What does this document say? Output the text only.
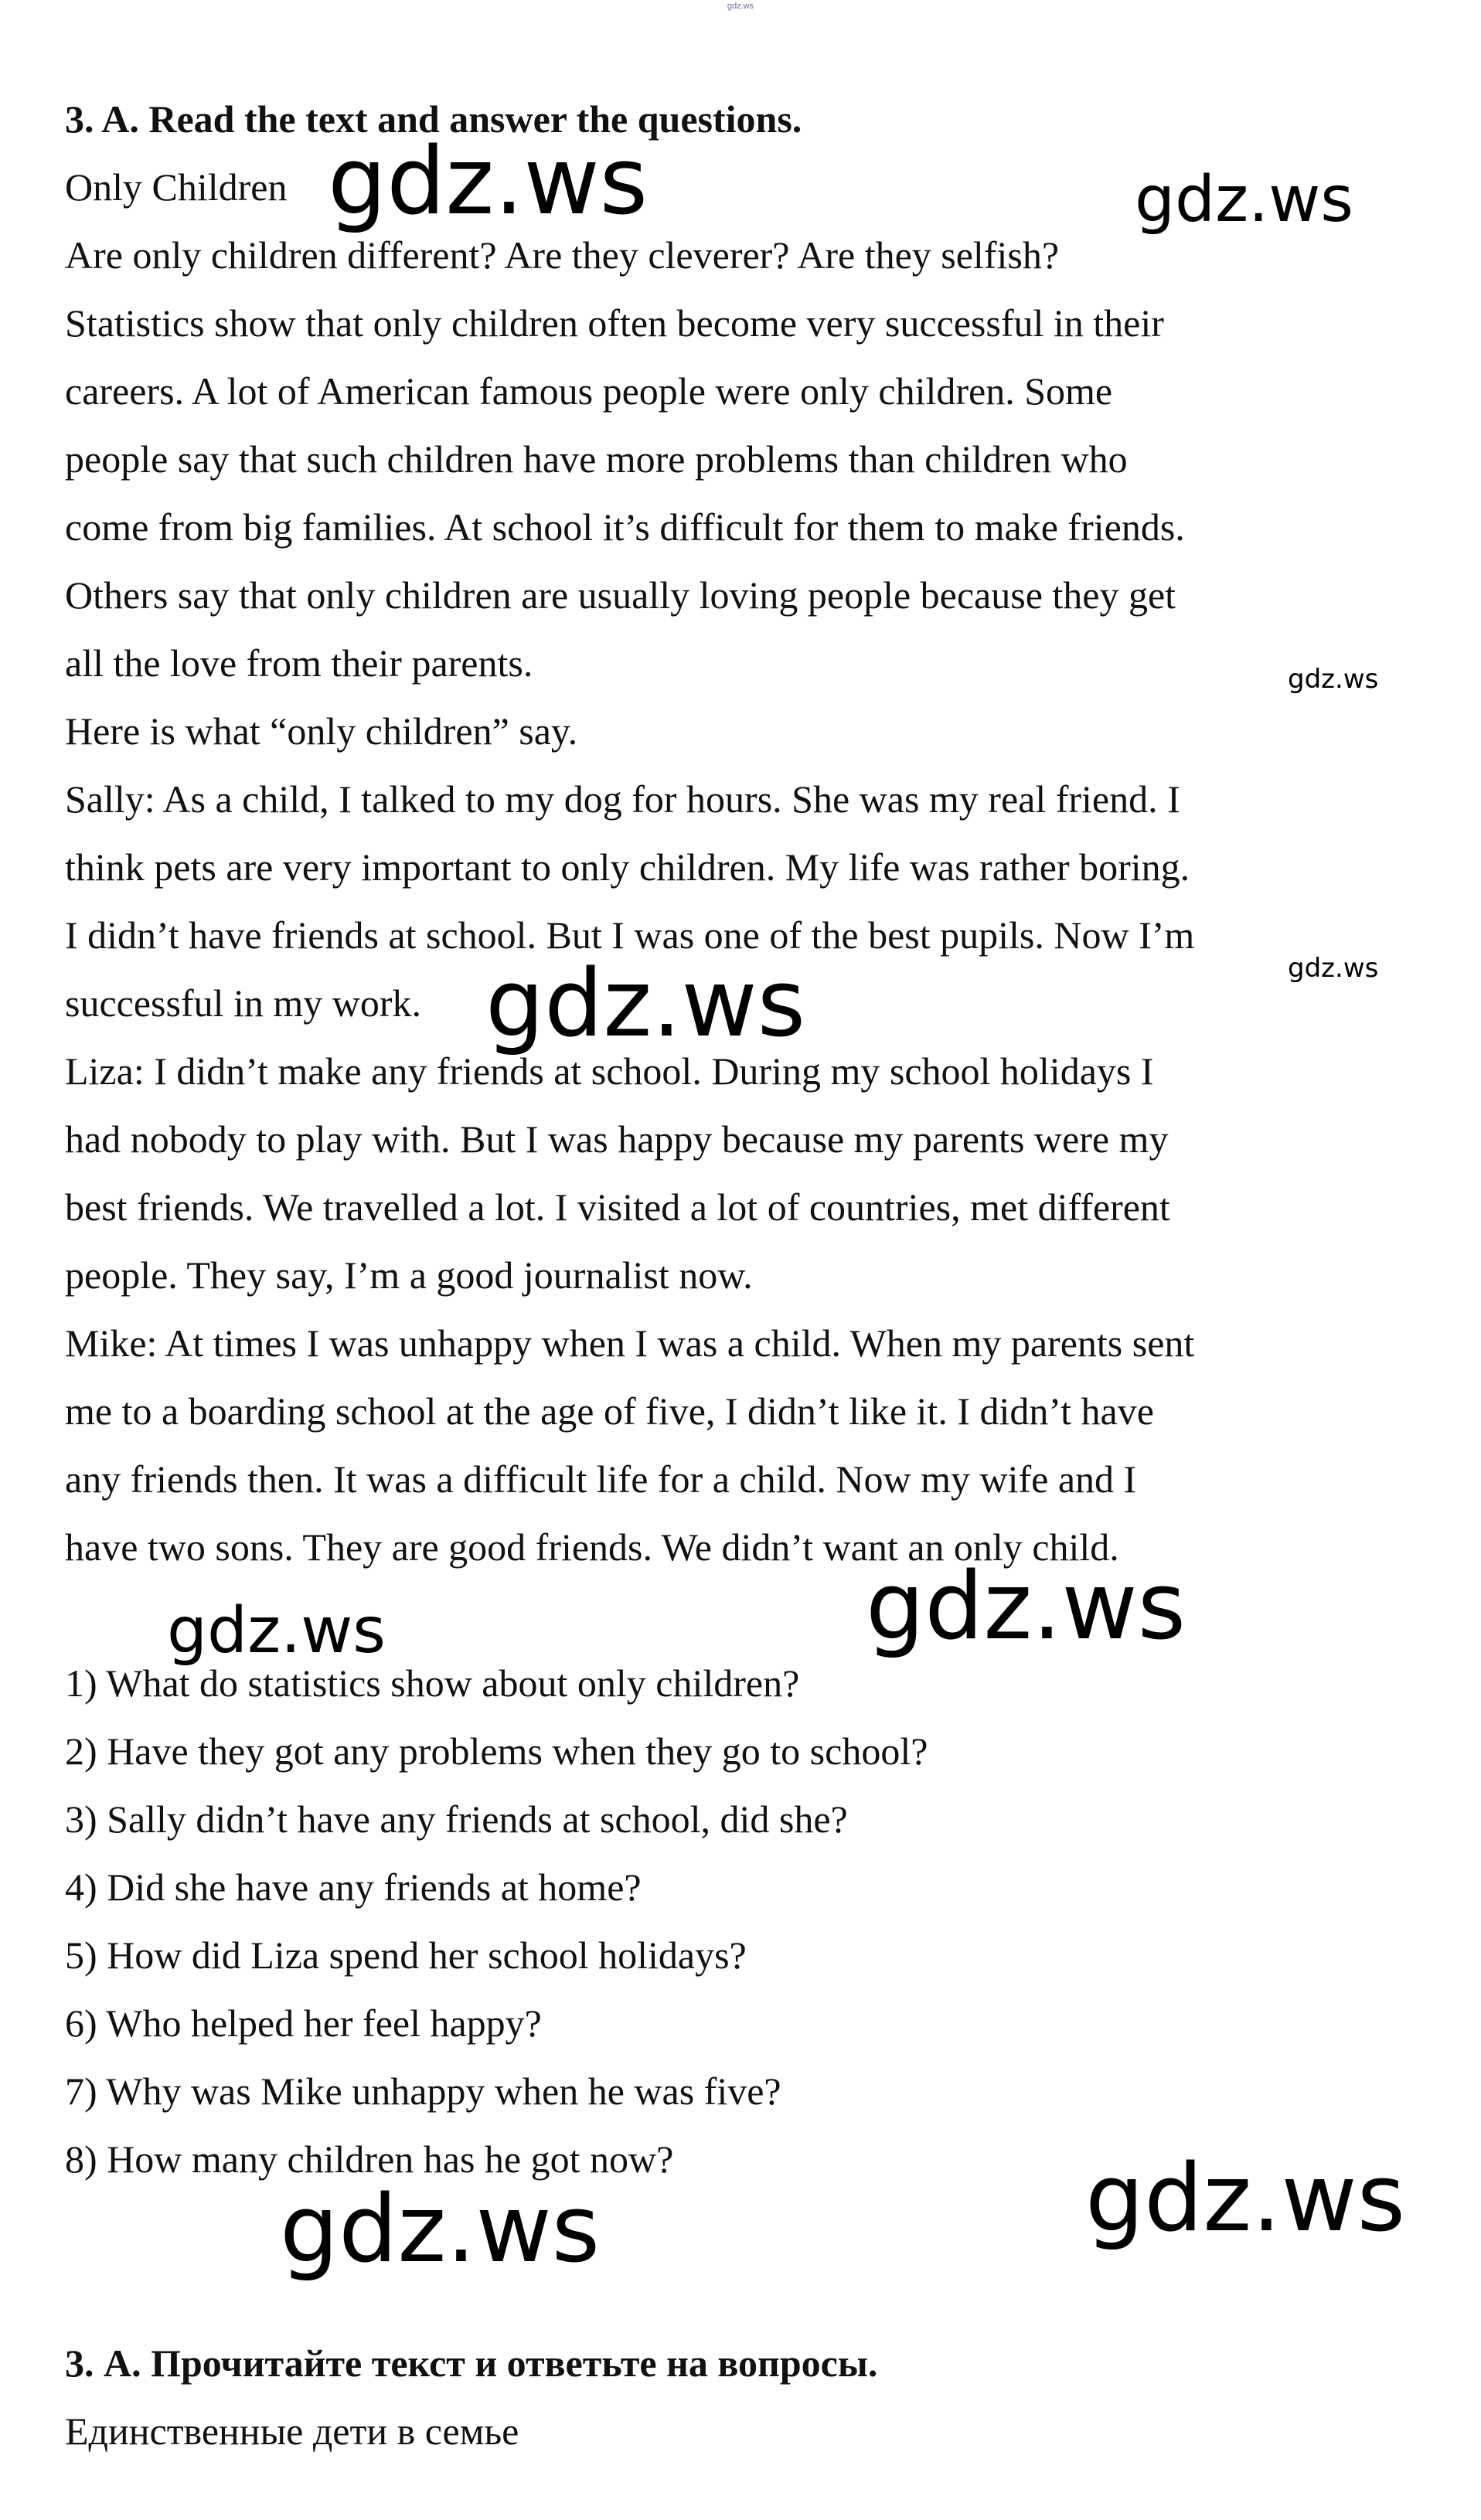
gdz.ws
3. A. Read the text and answer the questions.
Only Children
Are only children different? Are they cleverer? Are they selfish?
Statistics show that only children often become very successful in their
careers. A lot of American famous people were only children. Some
people say that such children have more problems than children who
come from big families. At school it’s difficult for them to make friends.
Others say that only children are usually loving people because they get
all the love from their parents.
Here is what “only children” say.
Sally: As a child, I talked to my dog for hours. She was my real friend. I
think pets are very important to only children. My life was rather boring.
I didn’t have friends at school. But I was one of the best pupils. Now I’m
successful in my work.
Liza: I didn’t make any friends at school. During my school holidays I
had nobody to play with. But I was happy because my parents were my
best friends. We travelled a lot. I visited a lot of countries, met different
people. They say, I’m a good journalist now.
Mike: At times I was unhappy when I was a child. When my parents sent
me to a boarding school at the age of five, I didn’t like it. I didn’t have
any friends then. It was a difficult life for a child. Now my wife and I
have two sons. They are good friends. We didn’t want an only child.
1) What do statistics show about only children?
2) Have they got any problems when they go to school?
3) Sally didn’t have any friends at school, did she?
4) Did she have any friends at home?
5) How did Liza spend her school holidays?
6) Who helped her feel happy?
7) Why was Mike unhappy when he was five?
8) How many children has he got now?
3. А. Прочитайте текст и ответьте на вопросы.
Единственные дети в семье
gdz.ws	gdz.ws
gdz.ws
gdz.ws
gdz.ws
gdz.ws
gdz.ws
gdz.ws
gdz.ws
